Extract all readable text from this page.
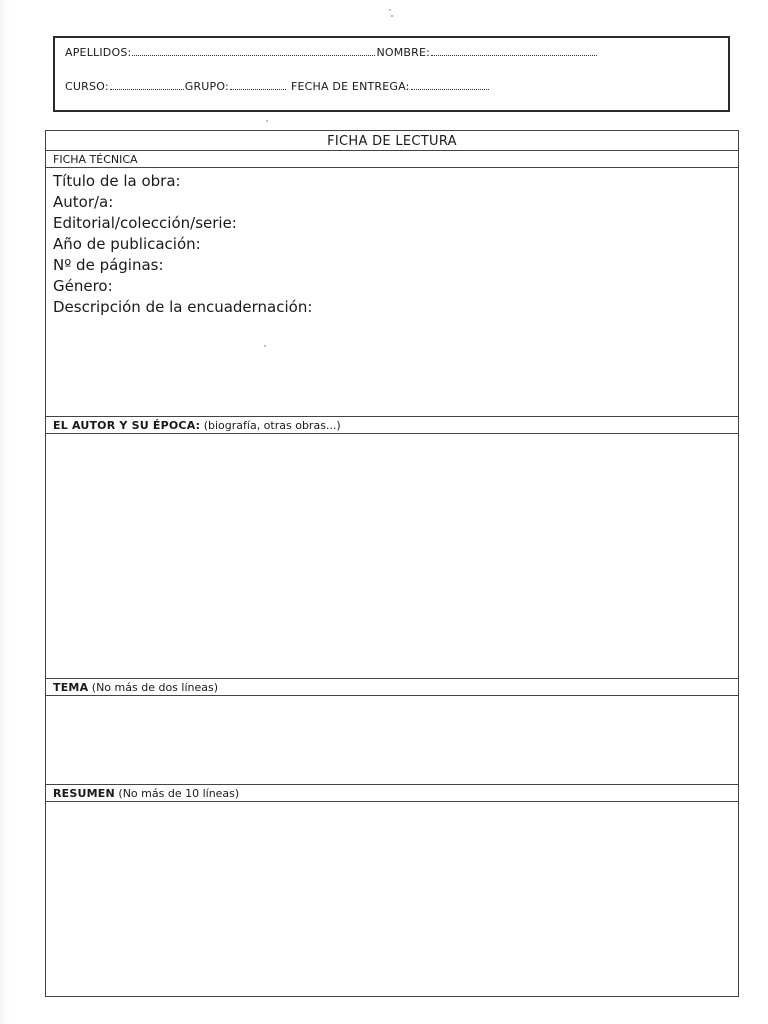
APELLIDOS:	NOMBRE:
CURSO:	GRUPO:	FECHA DE ENTREGA:
FICHA DE LECTURA
FICHA TÉCNICA
Título de la obra:
Autor/a:
Editorial/colección/serie:
Año de publicación:
Nº de páginas:
Género:
Descripción de la encuadernación:
EL AUTOR Y SU ÉPOCA: (biografía, otras obras...)
TEMA (No más de dos líneas)
RESUMEN (No más de 10 líneas)
